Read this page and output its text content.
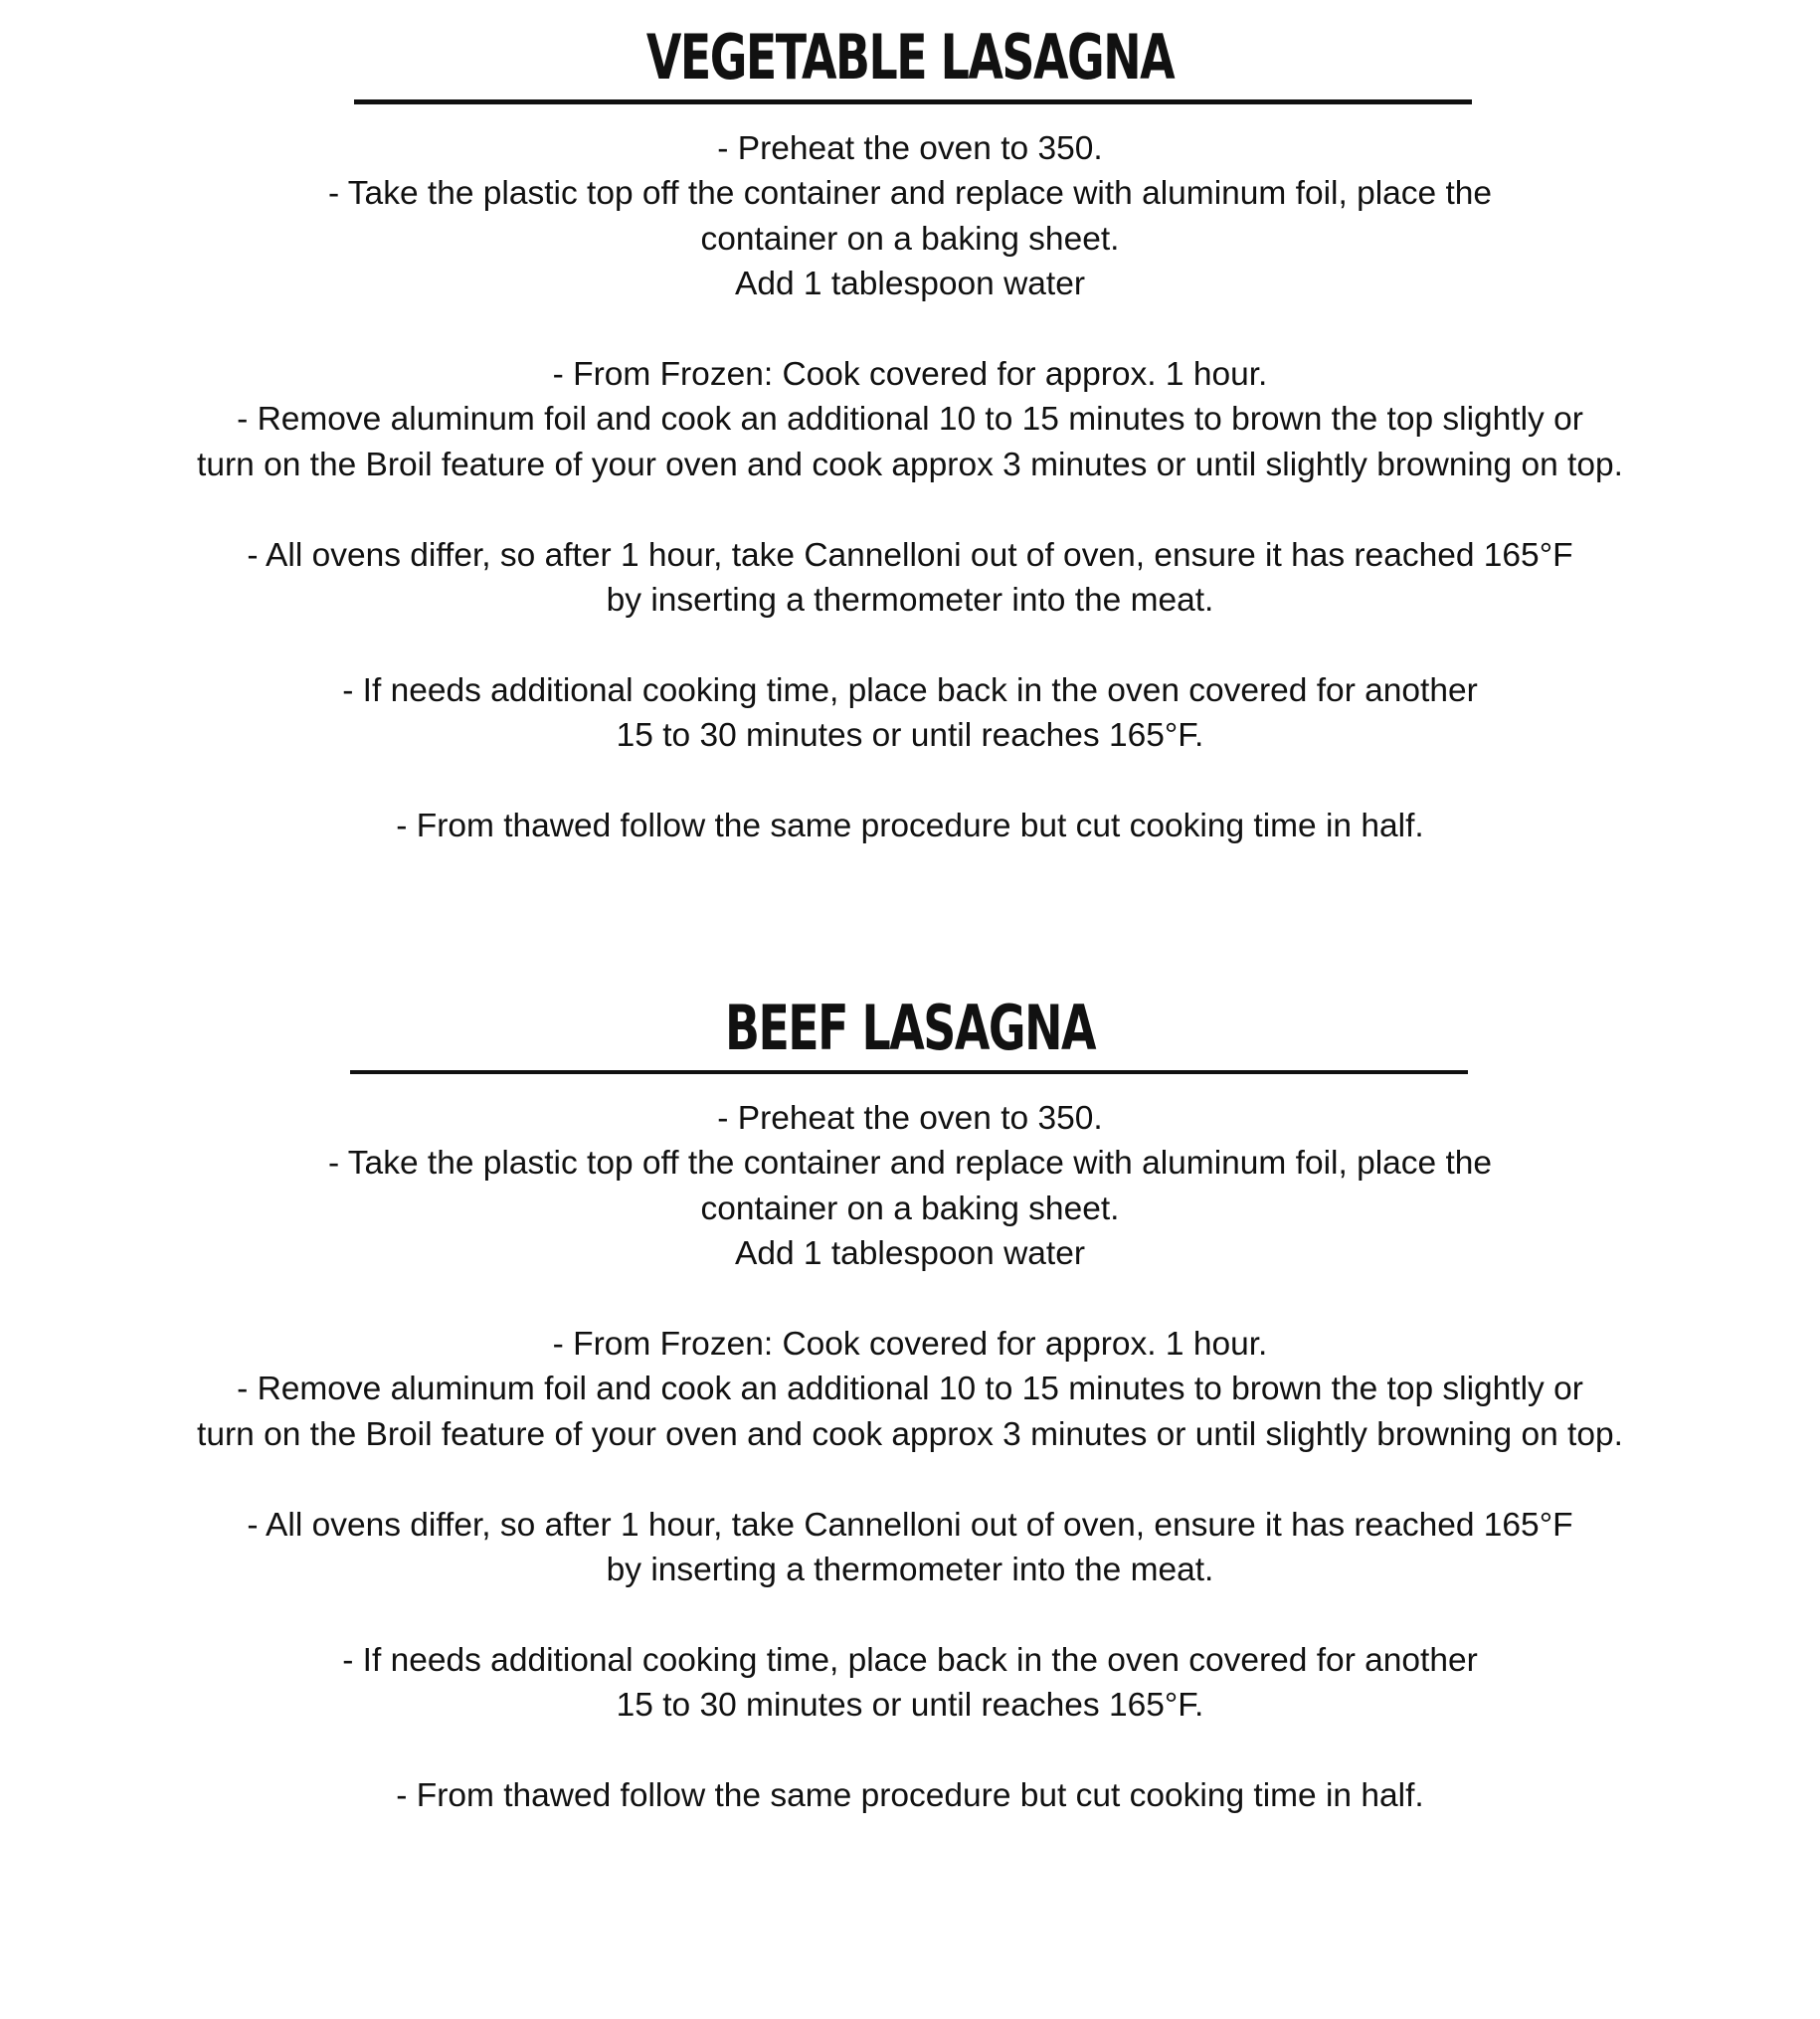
VEGETABLE LASAGNA

- Preheat the oven to 350.
- Take the plastic top off the container and replace with aluminum foil, place the
container on a baking sheet.
Add 1 tablespoon water

- From Frozen: Cook covered for approx. 1 hour.
- Remove aluminum foil and cook an additional 10 to 15 minutes to brown the top slightly or
turn on the Broil feature of your oven and cook approx 3 minutes or until slightly browning on top.

- All ovens differ, so after 1 hour, take Cannelloni out of oven, ensure it has reached 165°F
by inserting a thermometer into the meat.

- If needs additional cooking time, place back in the oven covered for another
15 to 30 minutes or until reaches 165°F.

- From thawed follow the same procedure but cut cooking time in half.

BEEF LASAGNA

- Preheat the oven to 350.
- Take the plastic top off the container and replace with aluminum foil, place the
container on a baking sheet.
Add 1 tablespoon water

- From Frozen: Cook covered for approx. 1 hour.
- Remove aluminum foil and cook an additional 10 to 15 minutes to brown the top slightly or
turn on the Broil feature of your oven and cook approx 3 minutes or until slightly browning on top.

- All ovens differ, so after 1 hour, take Cannelloni out of oven, ensure it has reached 165°F
by inserting a thermometer into the meat.

- If needs additional cooking time, place back in the oven covered for another
15 to 30 minutes or until reaches 165°F.

- From thawed follow the same procedure but cut cooking time in half.
